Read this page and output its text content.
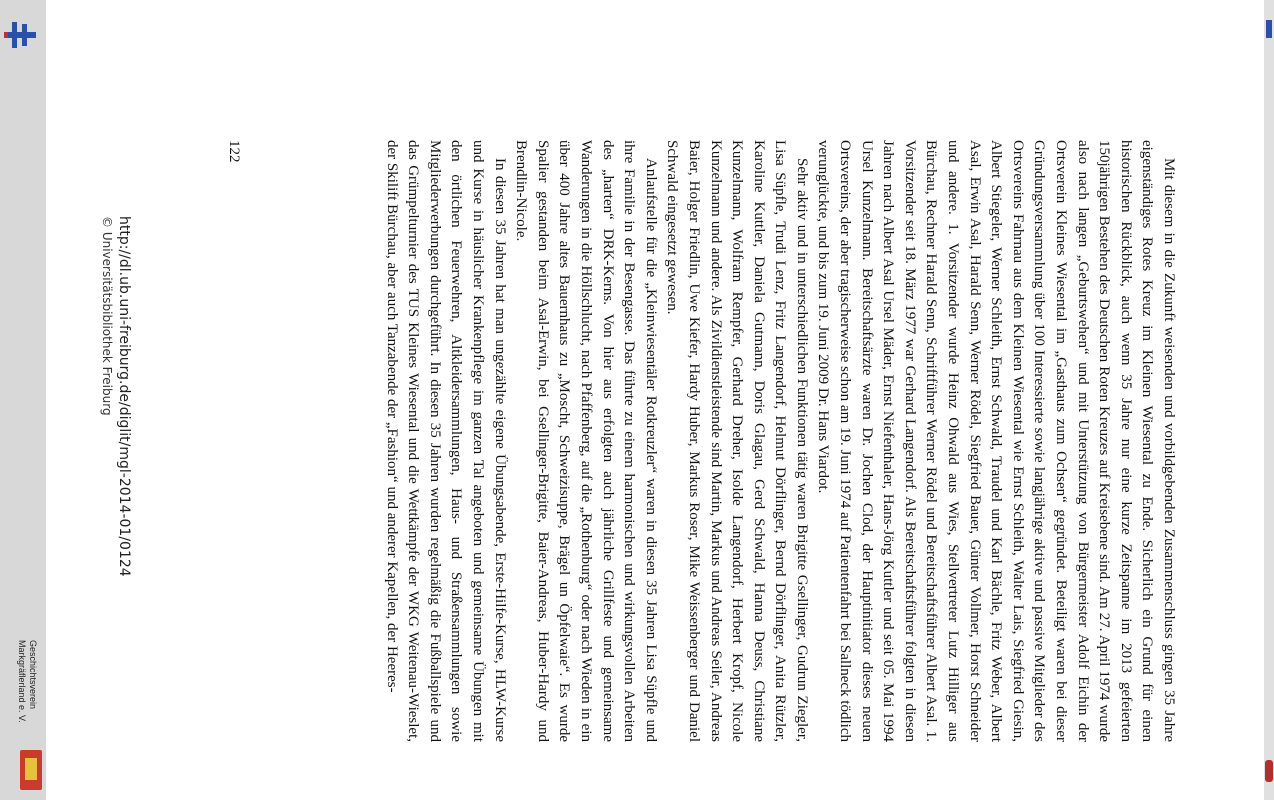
Geschichtsverein
Markgräflerland e. V.	Mit diesem in die Zukunft weisenden und vorbildgebenden Zusammenschluss gingen 35 Jahre eigenständiges Rotes Kreuz im Kleinen Wiesental zu Ende. Sicherlich ein Grund für einen historischen Rückblick, auch wenn 35 Jahre nur eine kurze Zeitspanne im 2013 gefeierten 150jährigen Bestehen des Deutschen Roten Kreuzes auf Kreisebene sind. Am 27. April 1974 wurde also nach langen „Geburtswehen“ und mit Unterstützung von Bürgermeister Adolf Eichin der Ortsverein Kleines Wiesental im „Gasthaus zum Ochsen“ gegründet. Beteiligt waren bei dieser Gründungsversammlung über 100 Interessierte sowie langjährige aktive und passive Mitglieder des Ortsvereins Fahrnau aus dem Kleinen Wiesental wie Ernst Schleith, Walter Lais, Siegfried Giesin, Albert Stiegeler, Werner Schleith, Ernst Schwald, Traudel und Karl Bächle, Fritz Weber, Albert Asal, Erwin Asal, Harald Senn, Werner Rödel, Siegfried Bauer, Günter Vollmer, Horst Schneider und andere. 1. Vorsitzender wurde Heinz Ohwald aus Wies, Stellvertreter Lutz Hilliger aus Bürchau, Rechner Harald Senn, Schriftführer Werner Rödel und Bereitschaftsführer Albert Asal. 1. Vorsitzender seit 18. März 1977 war Gerhard Langendorf. Als Bereitschaftsführer folgten in diesen Jahren nach Albert Asal Ursel Mäder, Ernst Niefenthaler, Hans-Jörg Kuttler und seit 05. Mai 1994 Ursel Kunzelmann. Bereitschaftsärzte waren Dr. Jochen Clod, der Hauptinitiator dieses neuen Ortsvereins, der aber tragischerweise schon am 19. Juni 1974 auf Patientenfahrt bei Sallneck tödlich verunglückte, und bis zum 19. Juni 2009 Dr. Hans Viardot.

Sehr aktiv und in unterschiedlichen Funktionen tätig waren Brigitte Gsellinger, Gudrun Ziegler, Lisa Süpfle, Trudi Lenz, Fritz Langendorf, Helmut Dörflinger, Bernd Dörflinger, Anita Rützler, Karoline Kuttler, Daniela Gutmann, Doris Glagau, Gerd Schwald, Hanna Deuss, Christiane Kunzelmann, Wolfram Rempfer, Gerhard Dreher, Isolde Langendorf, Herbert Kropf, Nicole Kunzelmann und andere. Als Zivildienstleistende sind Martin, Markus und Andreas Seiler, Andreas Baier, Holger Friedlin, Uwe Kiefer, Hardy Huber, Markus Roser, Mike Weissenberger und Daniel Schwald eingesetzt gewesen.

Anlaufstelle für die „Kleinwiesentäler Rotkreuzler“ waren in diesen 35 Jahren Lisa Süpfle und ihre Familie in der Besengasse. Das führte zu einem harmonischen und wirkungsvollen Arbeiten des „harten“ DRK-Kerns. Von hier aus erfolgten auch jährliche Grillfeste und gemeinsame Wanderungen in die Höllschlucht, nach Pfaffenberg, auf die „Rothenburg“ oder nach Wieden in ein über 400 Jahre altes Bauernhaus zu „Moscht, Schweizisuppe, Brägel un Öpfelwaie“. Es wurde Spalier gestanden beim Asal-Erwin, bei Gsellinger-Brigitte, Baier-Andreas, Huber-Hardy und Brendlin-Nicole.

In diesen 35 Jahren hat man ungezählte eigene Übungsabende, Erste-Hilfe-Kurse, HLW-Kurse und Kurse in häuslicher Krankenpflege im ganzen Tal angeboten und gemeinsame Übungen mit den örtlichen Feuerwehren, Altkleidersammlungen, Haus- und Straßensammlungen sowie Mitgliederwerbungen durchgeführt. In diesen 35 Jahren wurden regelmäßig die Fußballspiele und das Grümpelturnier des TUS Kleines Wiesental und die Wettkämpfe der WKG Weitenau-Wieslet, der Skilift Bürchau, aber auch Tanzabende der „Fashion“ und anderer Kapellen, der Heeres-

122
http://dl.ub.uni-freiburg.de/diglit/mgl-2014-01/0124
© Universitätsbibliothek Freiburg
